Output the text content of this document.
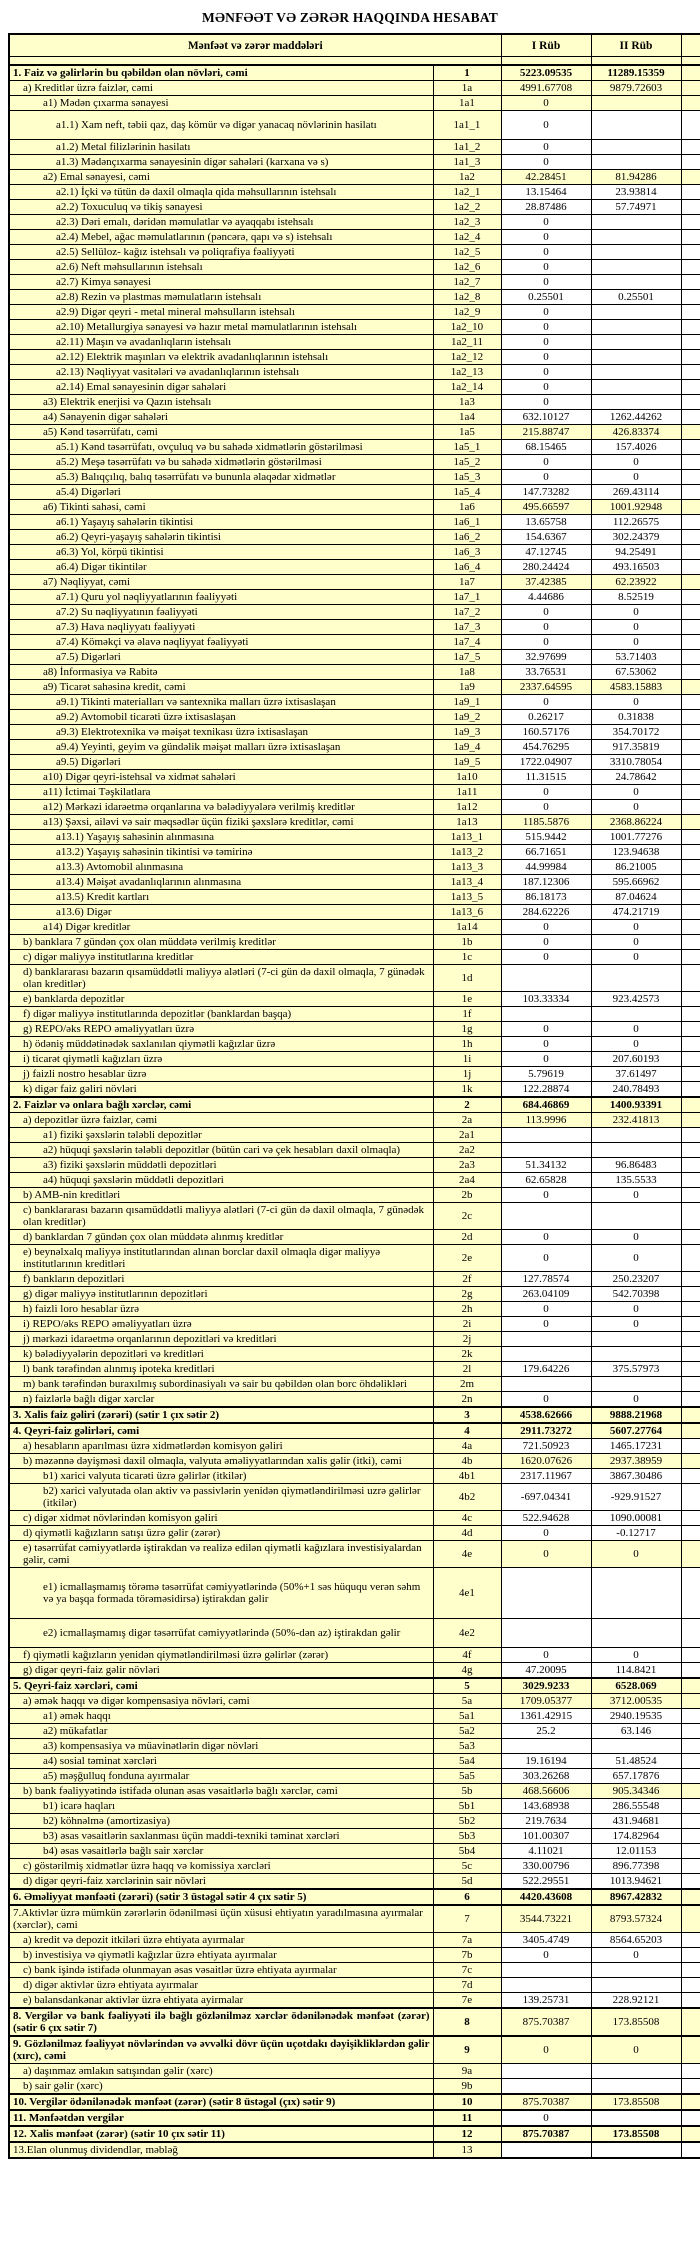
MƏNFƏƏT VƏ ZƏRƏR HAQQINDA HESABAT
Mənfəət və zərər maddələri		I Rüb	II Rüb	

1. Faiz və gəlirlərin bu qəbildən olan növləri, cəmi	1	5223.09535	11289.15359	
a) Kreditlər üzrə faizlər, cəmi	1a	4991.67708	9879.72603	
a1) Mədən çıxarma sənayesi	1a1	0		
a1.1) Xam neft, təbii qaz, daş kömür və digər yanacaq növlərinin hasilatı	1a1_1	0		
a1.2) Metal filizlərinin hasilatı	1a1_2	0		
a1.3) Mədənçıxarma sənayesinin digər sahələri (karxana və s)	1a1_3	0		
a2) Emal sənayesi, cəmi	1a2	42.28451	81.94286	
a2.1) İçki və tütün də daxil olmaqla qida məhsullarının istehsalı	1a2_1	13.15464	23.93814	
a2.2) Toxuculuq və tikiş sənayesi	1a2_2	28.87486	57.74971	
a2.3) Dəri emalı, dəridən məmulatlar və ayaqqabı istehsalı	1a2_3	0		
a2.4) Mebel, ağac məmulatlarının (pəncərə, qapı və s) istehsalı	1a2_4	0		
a2.5) Sellüloz- kağız istehsalı və poliqrafiya fəaliyyəti	1a2_5	0		
a2.6) Neft məhsullarının istehsalı	1a2_6	0		
a2.7) Kimya sənayesi	1a2_7	0		
a2.8) Rezin və plastmas məmulatların istehsalı	1a2_8	0.25501	0.25501	
a2.9) Digər qeyri - metal mineral məhsulların istehsalı	1a2_9	0		
a2.10) Metallurgiya sənayesi və hazır metal məmulatlarının istehsalı	1a2_10	0		
a2.11) Maşın və avadanlıqların istehsalı	1a2_11	0		
a2.12) Elektrik maşınları və elektrik avadanlıqlarının istehsalı	1a2_12	0		
a2.13) Nəqliyyat vasitələri və avadanlıqlarının istehsalı	1a2_13	0		
a2.14) Emal sənayesinin digər sahələri	1a2_14	0		
a3) Elektrik enerjisi və Qazın istehsalı	1a3	0		
a4) Sənayenin digər sahələri	1a4	632.10127	1262.44262	
a5) Kənd təsərrüfatı, cəmi	1a5	215.88747	426.83374	
a5.1) Kənd təsərrüfatı, ovçuluq və bu sahədə xidmətlərin göstərilməsi	1a5_1	68.15465	157.4026	
a5.2) Meşə təsərrüfatı və bu sahədə xidmətlərin göstərilməsi	1a5_2	0	0	
a5.3) Balıqçılıq, balıq təsərrüfatı və bununla əlaqədar xidmətlər	1a5_3	0	0	
a5.4) Digərləri	1a5_4	147.73282	269.43114	
a6) Tikinti sahəsi, cəmi	1a6	495.66597	1001.92948	
a6.1) Yaşayış sahələrin tikintisi	1a6_1	13.65758	112.26575	
a6.2) Qeyri-yaşayış sahələrin tikintisi	1a6_2	154.6367	302.24379	
a6.3) Yol, körpü tikintisi	1a6_3	47.12745	94.25491	
a6.4) Digər tikintilər	1a6_4	280.24424	493.16503	
a7) Nəqliyyat, cəmi	1a7	37.42385	62.23922	
a7.1) Quru yol nəqliyyatlarının fəaliyyəti	1a7_1	4.44686	8.52519	
a7.2) Su nəqliyyatının fəaliyyəti	1a7_2	0	0	
a7.3) Hava nəqliyyatı fəaliyyəti	1a7_3	0	0	
a7.4) Köməkçi və əlavə nəqliyyat fəaliyyəti	1a7_4	0	0	
a7.5) Digərləri	1a7_5	32.97699	53.71403	
a8) İnformasiya və Rabitə	1a8	33.76531	67.53062	
a9) Ticarət sahəsinə kredit, cəmi	1a9	2337.64595	4583.15883	
a9.1) Tikinti materialları və santexnika malları üzrə ixtisaslaşan	1a9_1	0	0	
a9.2) Avtomobil ticarəti üzrə ixtisaslaşan	1a9_2	0.26217	0.31838	
a9.3) Elektrotexnika və məişət texnikası üzrə ixtisaslaşan	1a9_3	160.57176	354.70172	
a9.4) Yeyinti, geyim və gündəlik məişət malları üzrə ixtisaslaşan	1a9_4	454.76295	917.35819	
a9.5) Digərləri	1a9_5	1722.04907	3310.78054	
a10) Digər qeyri-istehsal və xidmət sahələri	1a10	11.31515	24.78642	
a11) İctimai Təşkilatlara	1a11	0	0	
a12) Mərkəzi idarəetmə orqanlarına və bələdiyyələrə verilmiş kreditlər	1a12	0	0	
a13) Şəxsi, ailəvi və sair məqsədlər üçün fiziki şəxslərə kreditlər, cəmi	1a13	1185.5876	2368.86224	
a13.1) Yaşayış sahəsinin alınmasına	1a13_1	515.9442	1001.77276	
a13.2) Yaşayış sahəsinin tikintisi və təmirinə	1a13_2	66.71651	123.94638	
a13.3) Avtomobil alınmasına	1a13_3	44.99984	86.21005	
a13.4) Məişət avadanlıqlarının alınmasına	1a13_4	187.12306	595.66962	
a13.5) Kredit kartları	1a13_5	86.18173	87.04624	
a13.6) Digər	1a13_6	284.62226	474.21719	
a14) Digər kreditlər	1a14	0	0	
b) banklara 7 gündən çox olan müddətə verilmiş kreditlər	1b	0	0	
c) digər maliyyə institutlarına kreditlər	1c	0	0	
d) banklararası bazarın qısamüddətli maliyyə alətləri (7-ci gün də daxil olmaqla, 7 günədək olan kreditlər)	1d			
e) banklarda depozitlər	1e	103.33334	923.42573	
f) digər maliyyə institutlarında depozitlər (banklardan başqa)	1f			
g) REPO/əks REPO əməliyyatları üzrə	1g	0	0	
h) ödəniş müddətinədək saxlanılan qiymətli kağızlar üzrə	1h	0	0	
i) ticarət qiymətli kağızları üzrə	1i	0	207.60193	
j) faizli nostro hesablar üzrə	1j	5.79619	37.61497	
k) digər faiz gəliri növləri	1k	122.28874	240.78493	
2. Faizlər və onlara bağlı xərclər, cəmi	2	684.46869	1400.93391	
a) depozitlər üzrə faizlər, cəmi	2a	113.9996	232.41813	
a1) fiziki şəxslərin tələbli depozitlər	2a1			
a2) hüquqi şəxslərin tələbli depozitlər (bütün cari və çek hesabları daxil olmaqla)	2a2			
a3) fiziki şəxslərin müddətli depozitləri	2a3	51.34132	96.86483	
a4) hüquqi şəxslərin müddətli depozitləri	2a4	62.65828	135.5533	
b) AMB-nin kreditləri	2b	0	0	
c) banklararası bazarın qısamüddətli maliyyə alətləri (7-ci gün də daxil olmaqla, 7 günədək olan kreditlər)	2c			
d) banklardan 7 gündən çox olan müddətə alınmış kreditlər	2d	0	0	
e) beynəlxalq maliyyə institutlarından alınan borclar daxil olmaqla digər maliyyə institutlarının kreditləri	2e	0	0	
f) bankların depozitləri	2f	127.78574	250.23207	
g) digər maliyyə institutlarının depozitləri	2g	263.04109	542.70398	
h) faizli loro hesablar üzrə	2h	0	0	
i) REPO/əks REPO əməliyyatları üzrə	2i	0	0	
j) mərkəzi idarəetmə orqanlarının depozitləri və kreditləri	2j			
k) bələdiyyələrin depozitləri və kreditləri	2k			
l) bank tərəfindən alınmış ipoteka kreditləri	2l	179.64226	375.57973	
m) bank tərəfindən buraxılmış subordinasiyalı və sair bu qəbildən olan borc öhdəlikləri	2m			
n) faizlərlə bağlı digər xərclər	2n	0	0	
3. Xalis faiz gəliri (zərəri) (sətir 1 çıx sətir 2)	3	4538.62666	9888.21968	
4. Qeyri-faiz gəlirləri, cəmi	4	2911.73272	5607.27764	
a) hesabların aparılması üzrə xidmətlərdən komisyon gəliri	4a	721.50923	1465.17231	
b) məzənnə dəyişməsi daxil olmaqla, valyuta əməliyyatlarından xalis gəlir (itki), cəmi	4b	1620.07626	2937.38959	
b1) xarici valyuta ticarəti üzrə gəlirlər (itkilər)	4b1	2317.11967	3867.30486	
b2) xarici valyutada olan aktiv və passivlərin yenidən qiymətləndirilməsi uzrə gəlirlər (itkilər)	4b2	-697.04341	-929.91527	
c) digər xidmət növlərindən komisyon gəliri	4c	522.94628	1090.00081	
d) qiymətli kağızların satışı üzrə gəlir (zərər)	4d	0	-0.12717	
e) təsərrüfat cəmiyyətlərdə iştirakdan və realizə edilən qiymətli kağızlara investisiyalardan gəlir, cəmi	4e	0	0	
e1) icmallaşmamış törəmə təsərrüfat cəmiyyətlərində (50%+1 səs hüququ verən səhm və ya başqa formada törəməsidirsə) iştirakdan gəlir	4e1			
e2) icmallaşmamış digər təsərrüfat cəmiyyətlərində (50%-dən az) iştirakdan gəlir	4e2			
f) qiymətli kağızların yenidən qiymətləndirilməsi üzrə gəlirlər (zərər)	4f	0	0	
g) digər qeyri-faiz gəlir növləri	4g	47.20095	114.8421	
5. Qeyri-faiz xərcləri, cəmi	5	3029.9233	6528.069	
a) əmək haqqı və digər kompensasiya növləri, cəmi	5a	1709.05377	3712.00535	
a1) əmək haqqı	5a1	1361.42915	2940.19535	
a2) mükafatlar	5a2	25.2	63.146	
a3) kompensasiya və müavinətlərin digər növləri	5a3			
a4) sosial təminat xərcləri	5a4	19.16194	51.48524	
a5) məşğulluq fonduna ayırmalar	5a5	303.26268	657.17876	
b) bank fəaliyyətində istifadə olunan əsas vəsaitlərlə bağlı xərclər, cəmi	5b	468.56606	905.34346	
b1) icarə haqları	5b1	143.68938	286.55548	
b2) köhnəlmə (amortizasiya)	5b2	219.7634	431.94681	
b3) əsas vəsaitlərin saxlanması üçün maddi-texniki təminat xərcləri	5b3	101.00307	174.82964	
b4) əsas vəsaitlərlə bağlı sair xərclər	5b4	4.11021	12.01153	
c) göstərilmiş xidmətlər üzrə haqq və komissiya xərcləri	5c	330.00796	896.77398	
d) digər qeyri-faiz xərclərinin sair növləri	5d	522.29551	1013.94621	
6. Əməliyyat mənfəəti (zərəri) (sətir 3 üstəgəl sətir 4 çıx sətir 5)	6	4420.43608	8967.42832	
7.Aktivlər üzrə mümkün zərərlərin ödənilməsi üçün xüsusi ehtiyatın yaradılmasına ayırmalar (xərclər), cəmi	7	3544.73221	8793.57324	
a) kredit və depozit itkiləri üzrə ehtiyata ayırmalar	7a	3405.4749	8564.65203	
b) investisiya və qiymətli kağızlar üzrə ehtiyata ayırmalar	7b	0	0	
c) bank işində istifadə olunmayan əsas vəsaitlər üzrə ehtiyata ayırmalar	7c			
d) digər aktivlər üzrə ehtiyata ayırmalar	7d			
e) balansdankənar aktivlər üzrə ehtiyata ayirmalar	7e	139.25731	228.92121	
8. Vergilər və bank fəaliyyəti ilə bağlı gözlənilməz xərclər ödənilənədək mənfəət (zərər) (sətir 6 çıx sətir 7)	8	875.70387	173.85508	
9. Gözlənilməz fəaliyyət növlərindən və əvvəlki dövr üçün uçotdakı dəyişikliklərdən gəlir (xırc), cəmi	9	0	0	
a) daşınmaz əmlakın satışından gəlir (xərc)	9a			
b) sair gəlir (xərc)	9b			
10. Vergilər ödənilənədək mənfəət (zərər) (sətir 8 üstəgəl (çıx) sətir 9)	10	875.70387	173.85508	
11. Mənfəətdən vergilər	11	0		
12. Xalis mənfəət (zərər) (sətir 10 çıx sətir 11)	12	875.70387	173.85508	
13.Elan olunmuş dividendlər, məbləğ	13			
